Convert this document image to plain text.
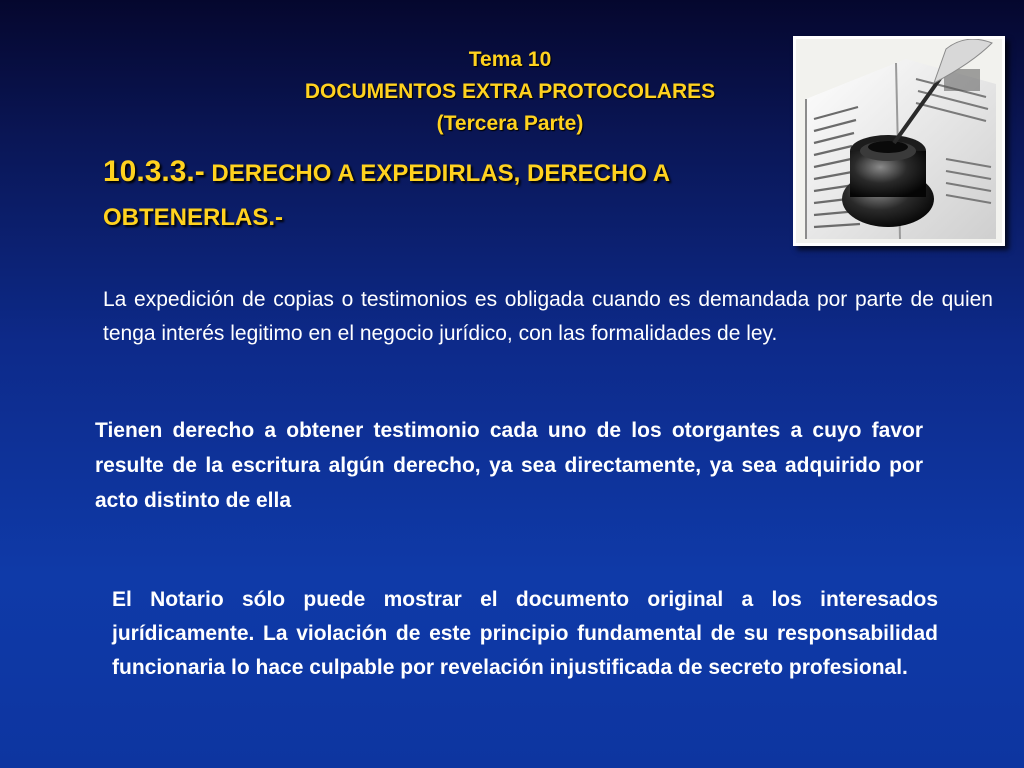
Tema 10
DOCUMENTOS EXTRA PROTOCOLARES
(Tercera Parte)
10.3.3.- DERECHO A EXPEDIRLAS, DERECHO A OBTENERLAS.-
La expedición de copias o testimonios es obligada cuando es demandada por parte de quien tenga interés legitimo en el negocio jurídico, con las formalidades de ley.
Tienen derecho a obtener testimonio cada uno de los otorgantes a cuyo favor resulte de la escritura algún derecho, ya sea directamente, ya sea adquirido por acto distinto de ella
El Notario sólo puede mostrar el documento original a los interesados jurídicamente. La violación de este principio fundamental de su responsabilidad funcionaria lo hace culpable por revelación injustificada de secreto profesional.
